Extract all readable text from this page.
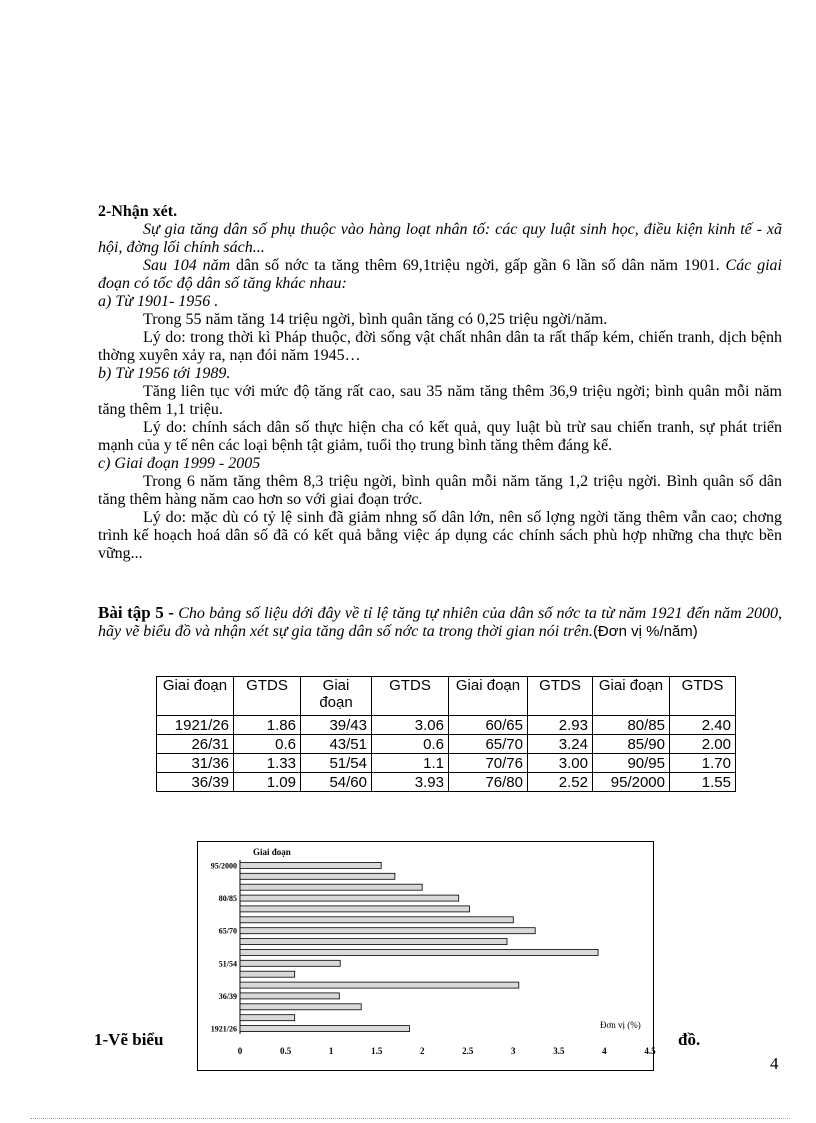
2-Nhận xét.

Sự gia tăng dân số phụ thuộc vào hàng loạt nhân tố: các quy luật sinh học, điều kiện kinh tế - xã hội, đờng lối chính sách...

Sau 104 năm dân số nớc ta tăng thêm 69,1triệu ngời, gấp gần 6 lần số dân năm 1901. Các giai đoạn có tốc độ dân số tăng khác nhau:

a) Từ 1901- 1956 .

Trong 55 năm tăng 14 triệu ngời, bình quân tăng có 0,25 triệu ngời/năm.

Lý do: trong thời kì Pháp thuộc, đời sống vật chất nhân dân ta rất thấp kém, chiến tranh, dịch bệnh thờng xuyên xảy ra, nạn đói năm 1945…

b) Từ 1956 tới 1989.

Tăng liên tục với mức độ tăng rất cao, sau 35 năm tăng thêm 36,9 triệu ngời; bình quân mỗi năm tăng thêm 1,1 triệu.

Lý do: chính sách dân số thực hiện cha có kết quả, quy luật bù trừ sau chiến tranh, sự phát triển mạnh của y tế nên các loại bệnh tật giảm, tuổi thọ trung bình tăng thêm đáng kể.

c) Giai đoạn 1999 - 2005

Trong 6 năm tăng thêm 8,3 triệu ngời, bình quân mỗi năm tăng 1,2 triệu ngời. Bình quân số dân tăng thêm hàng năm cao hơn so với giai đoạn trớc.

Lý do: mặc dù có tỷ lệ sinh đã giảm nhng số dân lớn, nên số lợng ngời tăng thêm vẫn cao; chơng trình kế hoạch hoá dân số đã có kết quả bằng việc áp dụng các chính sách phù hợp những cha thực bền vững...

Bài tập 5 - Cho bảng số liệu dới đây về tỉ lệ tăng tự nhiên của dân số nớc ta từ năm 1921 đến năm 2000, hãy vẽ biểu đồ và nhận xét sự gia tăng dân số nớc ta trong thời gian nói trên.(Đơn vị %/năm)

Giai đoạn	GTDS	Giai đoạn	GTDS	Giai đoạn	GTDS	Giai đoạn	GTDS
1921/26	1.86	39/43	3.06	60/65	2.93	80/85	2.40
26/31	0.6	43/51	0.6	65/70	3.24	85/90	2.00
31/36	1.33	51/54	1.1	70/76	3.00	90/95	1.70
36/39	1.09	54/60	3.93	76/80	2.52	95/2000	1.55
Giai đoạn
Đơn vị (%)
1921/26
36/39
51/54
65/70
80/85
95/2000
0	0.5	1	1.5	2	2.5	3	3.5	4	4.5
1-Vẽ biểu	đồ.
4
